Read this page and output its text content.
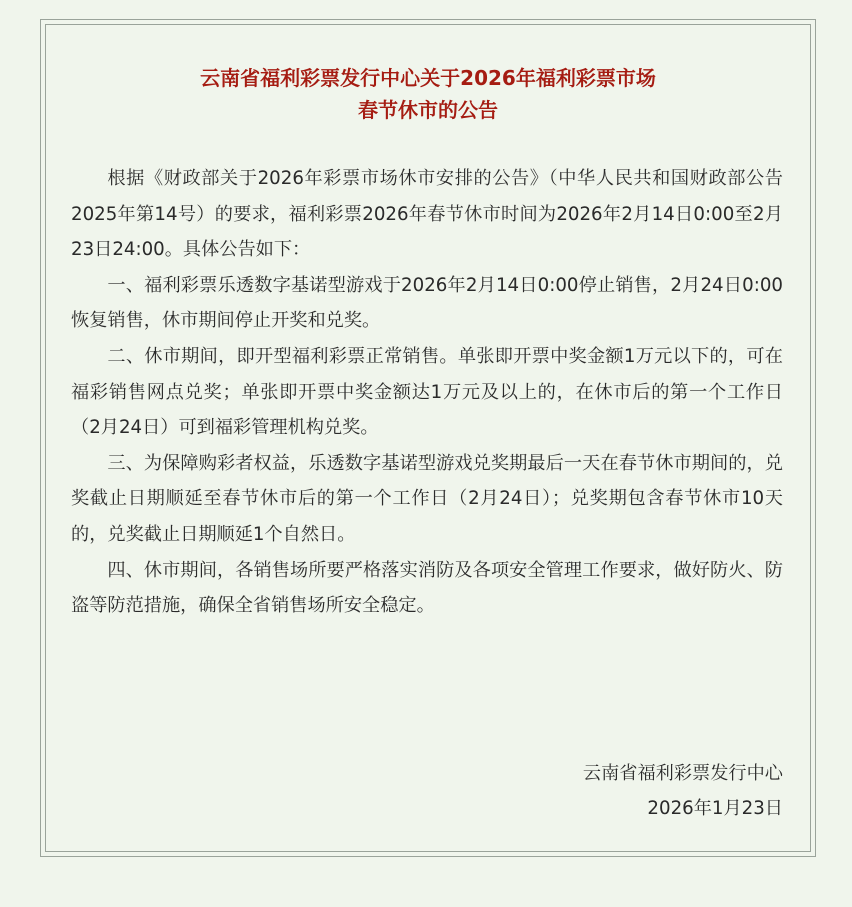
云南省福利彩票发行中心关于2026年福利彩票市场
春节休市的公告

根据《财政部关于2026年彩票市场休市安排的公告》（中华人民共和国财政部公告2025年第14号）的要求，福利彩票2026年春节休市时间为2026年2月14日0:00至2月23日24:00。具体公告如下：

一、福利彩票乐透数字基诺型游戏于2026年2月14日0:00停止销售，2月24日0:00恢复销售，休市期间停止开奖和兑奖。

二、休市期间，即开型福利彩票正常销售。单张即开票中奖金额1万元以下的，可在福彩销售网点兑奖；单张即开票中奖金额达1万元及以上的，在休市后的第一个工作日（2月24日）可到福彩管理机构兑奖。

三、为保障购彩者权益，乐透数字基诺型游戏兑奖期最后一天在春节休市期间的，兑奖截止日期顺延至春节休市后的第一个工作日（2月24日）；兑奖期包含春节休市10天的，兑奖截止日期顺延1个自然日。

四、休市期间，各销售场所要严格落实消防及各项安全管理工作要求，做好防火、防盗等防范措施，确保全省销售场所安全稳定。

云南省福利彩票发行中心
2026年1月23日
